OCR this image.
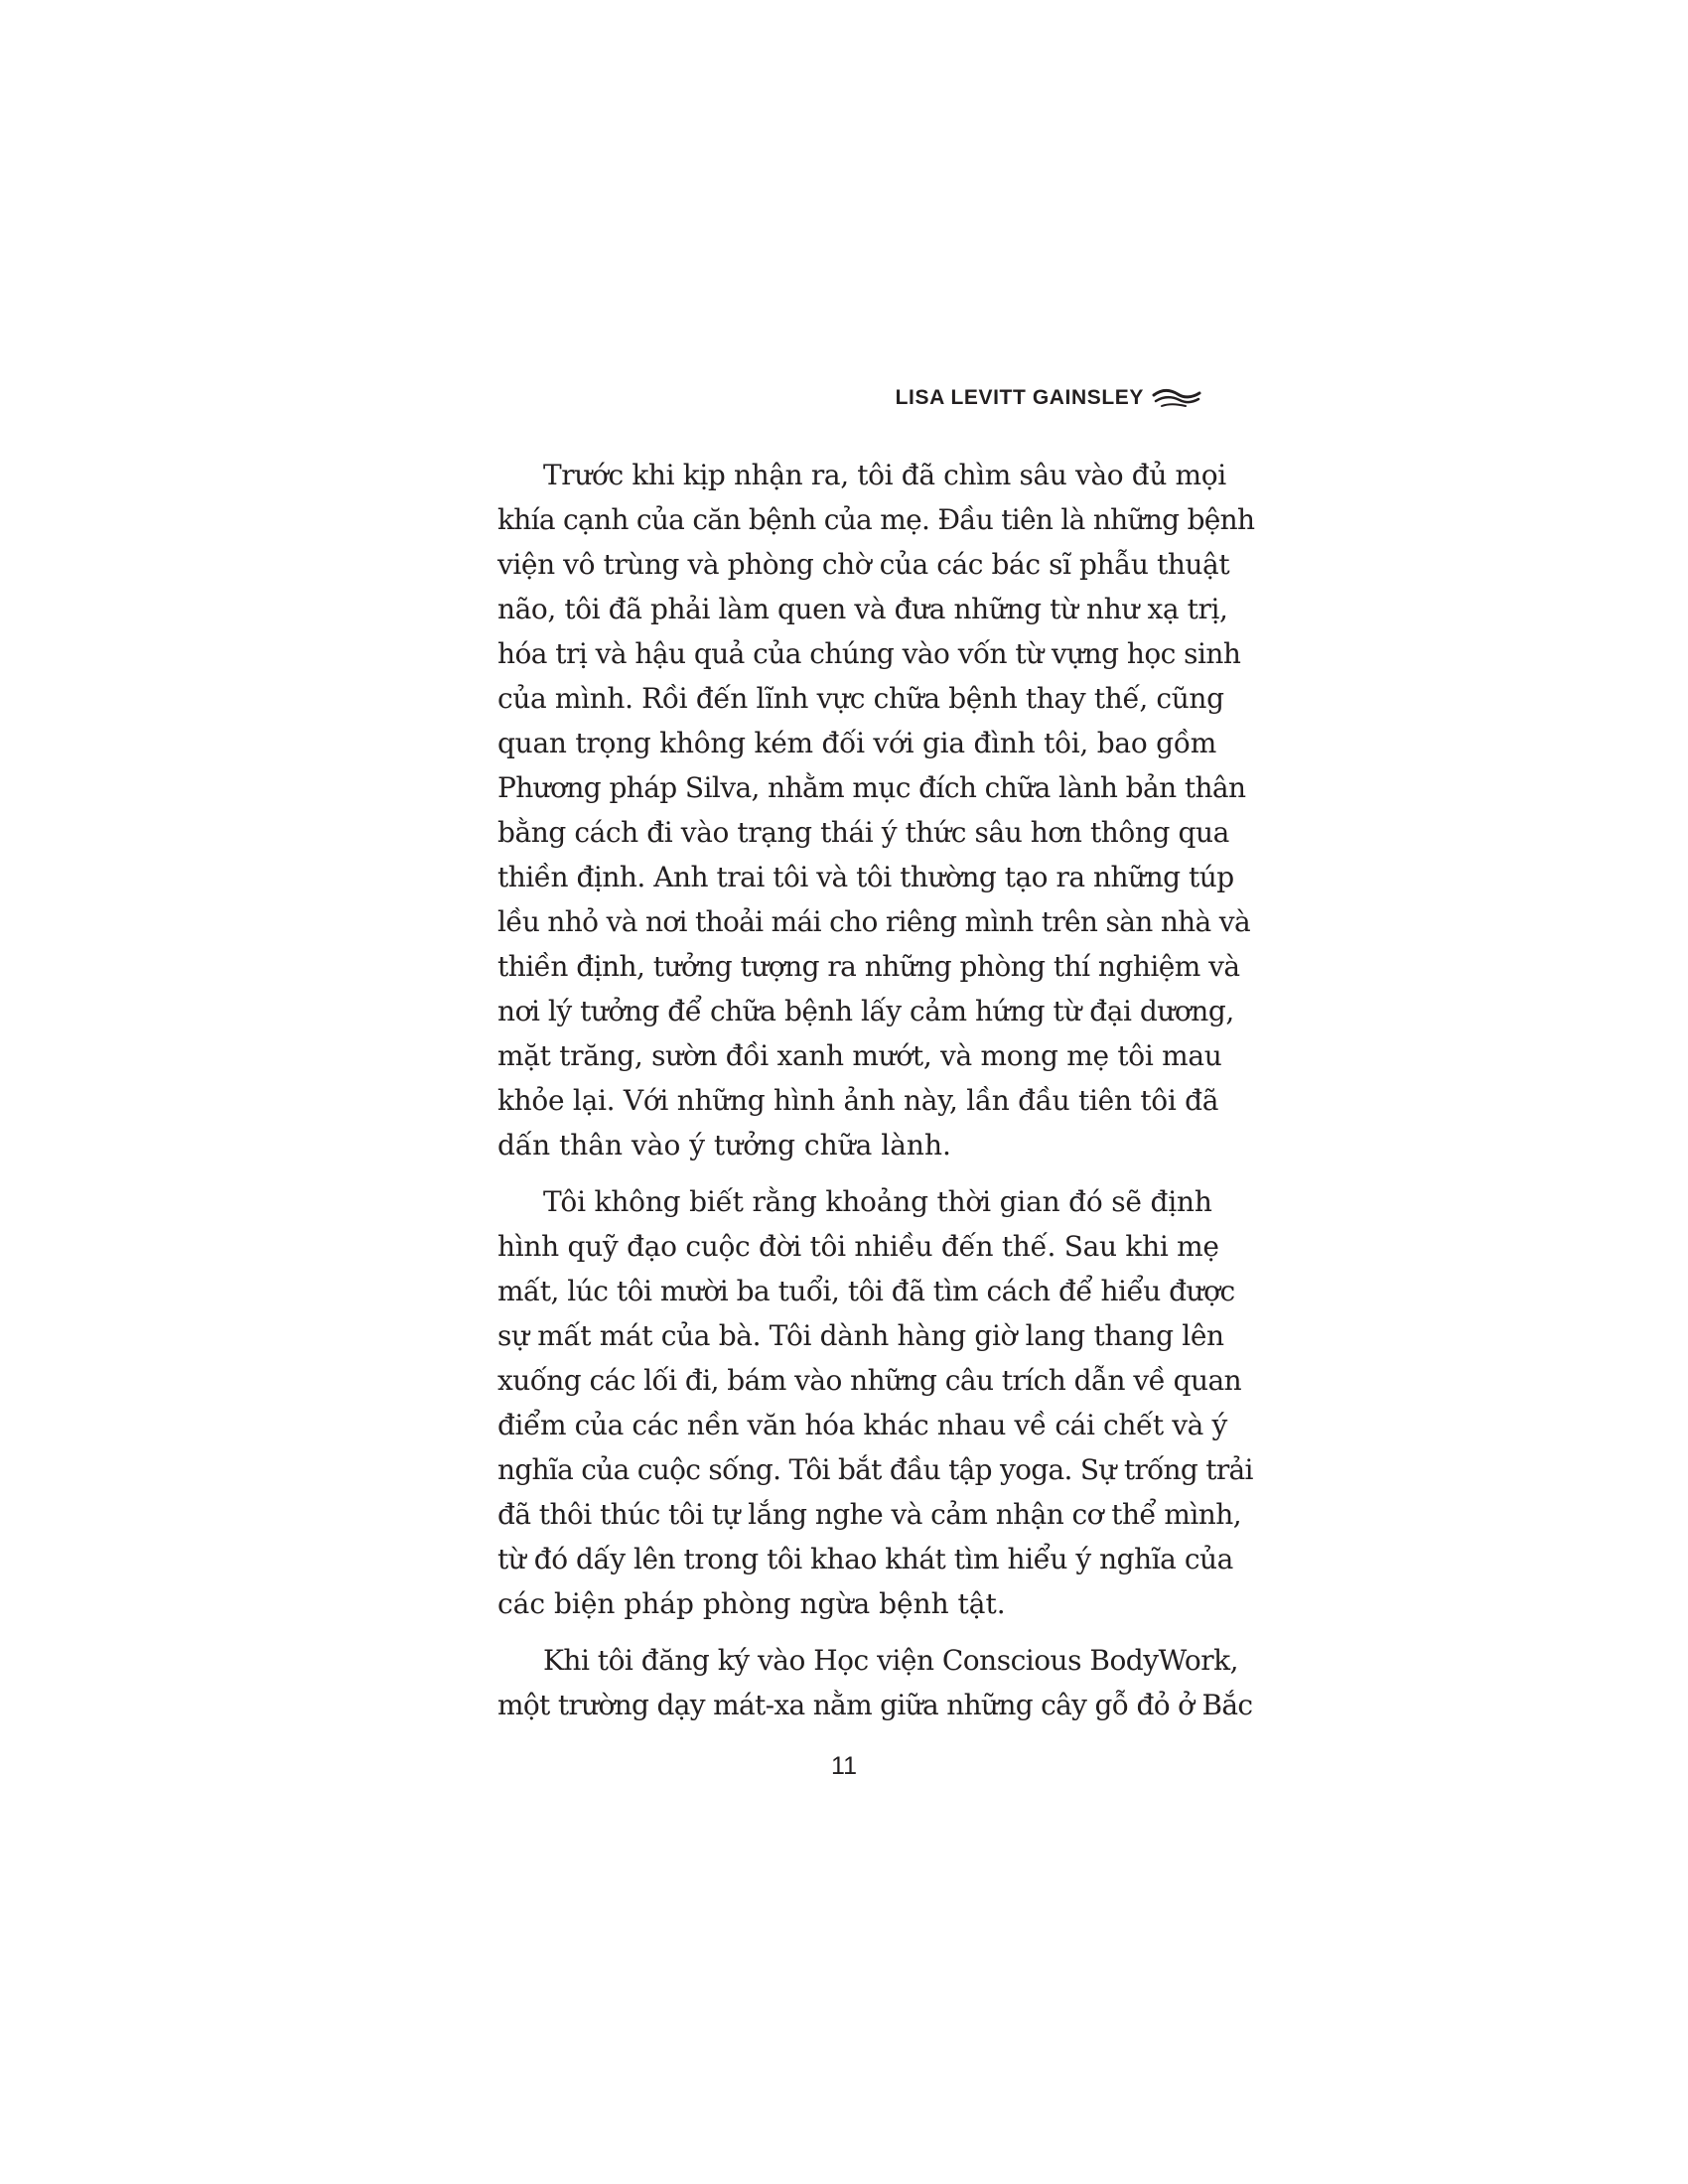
LISA LEVITT GAINSLEY
Trước khi kịp nhận ra, tôi đã chìm sâu vào đủ mọi
khía cạnh của căn bệnh của mẹ. Đầu tiên là những bệnh
viện vô trùng và phòng chờ của các bác sĩ phẫu thuật
não, tôi đã phải làm quen và đưa những từ như xạ trị,
hóa trị và hậu quả của chúng vào vốn từ vựng học sinh
của mình. Rồi đến lĩnh vực chữa bệnh thay thế, cũng
quan trọng không kém đối với gia đình tôi, bao gồm
Phương pháp Silva, nhằm mục đích chữa lành bản thân
bằng cách đi vào trạng thái ý thức sâu hơn thông qua
thiền định. Anh trai tôi và tôi thường tạo ra những túp
lều nhỏ và nơi thoải mái cho riêng mình trên sàn nhà và
thiền định, tưởng tượng ra những phòng thí nghiệm và
nơi lý tưởng để chữa bệnh lấy cảm hứng từ đại dương,
mặt trăng, sườn đồi xanh mướt, và mong mẹ tôi mau
khỏe lại. Với những hình ảnh này, lần đầu tiên tôi đã
dấn thân vào ý tưởng chữa lành.
Tôi không biết rằng khoảng thời gian đó sẽ định
hình quỹ đạo cuộc đời tôi nhiều đến thế. Sau khi mẹ
mất, lúc tôi mười ba tuổi, tôi đã tìm cách để hiểu được
sự mất mát của bà. Tôi dành hàng giờ lang thang lên
xuống các lối đi, bám vào những câu trích dẫn về quan
điểm của các nền văn hóa khác nhau về cái chết và ý
nghĩa của cuộc sống. Tôi bắt đầu tập yoga. Sự trống trải
đã thôi thúc tôi tự lắng nghe và cảm nhận cơ thể mình,
từ đó dấy lên trong tôi khao khát tìm hiểu ý nghĩa của
các biện pháp phòng ngừa bệnh tật.
Khi tôi đăng ký vào Học viện Conscious BodyWork,
một trường dạy mát-xa nằm giữa những cây gỗ đỏ ở Bắc
11
